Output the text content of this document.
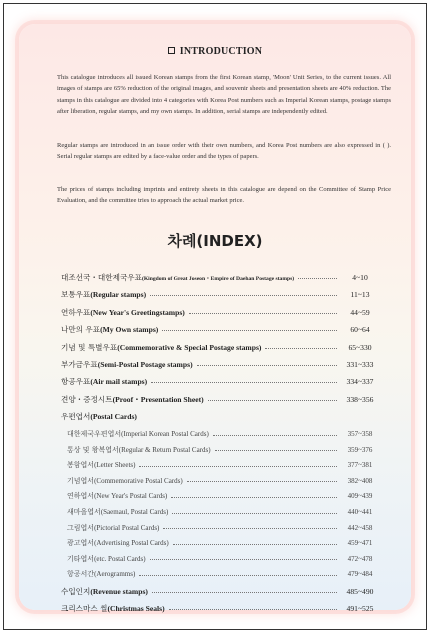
INTRODUCTION

This catalogue introduces all issued Korean stamps from the first Korean stamp, 'Moon' Unit Series, to the current issues. All images of stamps are 65% reduction of the original images, and souvenir sheets and presentation sheets are 40% reduction. The stamps in this catalogue are divided into 4 categories with Korea Post numbers such as Imperial Korean stamps, postage stamps after liberation, regular stamps, and my own stamps. In addition, serial stamps are independently edited.

Regular stamps are introduced in an issue order with their own numbers, and Korea Post numbers are also expressed in ( ). Serial regular stamps are edited by a face-value order and the types of papers.

The prices of stamps including imprints and entirety sheets in this catalogue are depend on the Committee of Stamp Price Evaluation, and the committee tries to approach the actual market price.

차례(INDEX)
대조선국・대한제국우표(Kingdom of Great Joseon・Empire of Daehan Postage stamps)	4~10
보통우표(Regular stamps)	11~13
연하우표(New Year's Greetingstamps)	44~59
나만의 우표(My Own stamps)	60~64
기념 및 특별우표(Commemorative & Special Postage stamps)	65~330
부가금우표(Semi-Postal Postage stamps)	331~333
항공우표(Air mail stamps)	334~337
견양・증정시트(Proof・Presentation Sheet)	338~356
우편엽서(Postal Cards)
대한제국우편엽서(Imperial Korean Postal Cards)	357~358
통상 및 왕복엽서(Regular & Return Postal Cards)	359~376
봉함엽서(Letter Sheets)	377~381
기념엽서(Commemorative Postal Cards)	382~408
연하엽서(New Year's Postal Cards)	409~439
새마을엽서(Saemaul, Postal Cards)	440~441
그림엽서(Pictorial Postal Cards)	442~458
광고엽서(Advertising Postal Cards)	459~471
기타엽서(etc. Postal Cards)	472~478
항공서간(Aerogramms)	479~484
수입인지(Revenue stamps)	485~490
크리스마스 씰(Christmas Seals)	491~525
